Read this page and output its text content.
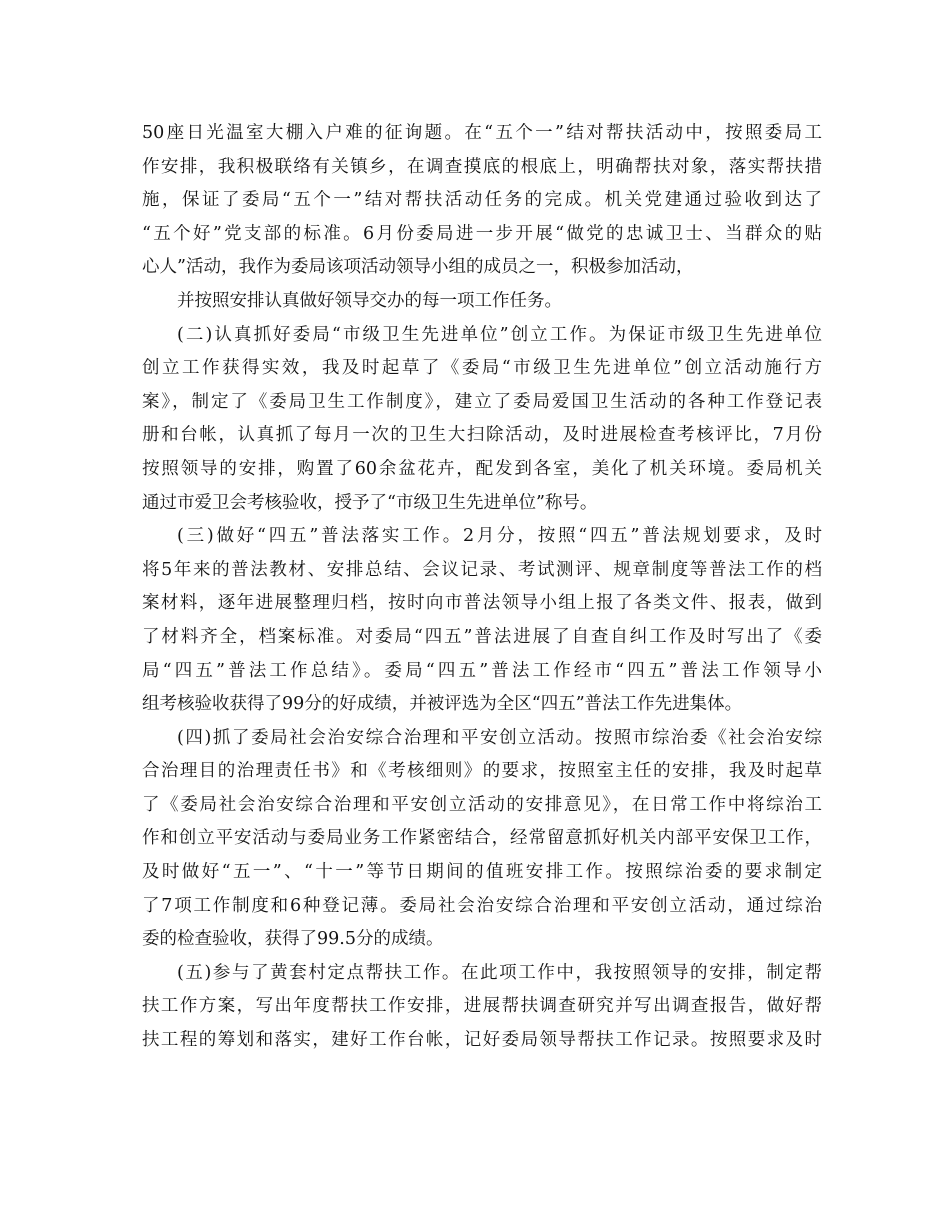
50座日光温室大棚入户难的征询题。在“五个一”结对帮扶活动中，按照委局工
作安排，我积极联络有关镇乡，在调查摸底的根底上，明确帮扶对象，落实帮扶措
施，保证了委局“五个一”结对帮扶活动任务的完成。机关党建通过验收到达了
“五个好”党支部的标准。6月份委局进一步开展“做党的忠诚卫士、当群众的贴
心人”活动，我作为委局该项活动领导小组的成员之一，积极参加活动，
并按照安排认真做好领导交办的每一项工作任务。
(二)认真抓好委局“市级卫生先进单位”创立工作。为保证市级卫生先进单位
创立工作获得实效，我及时起草了《委局“市级卫生先进单位”创立活动施行方
案》，制定了《委局卫生工作制度》，建立了委局爱国卫生活动的各种工作登记表
册和台帐，认真抓了每月一次的卫生大扫除活动，及时进展检查考核评比，7月份
按照领导的安排，购置了60余盆花卉，配发到各室，美化了机关环境。委局机关
通过市爱卫会考核验收，授予了“市级卫生先进单位”称号。
(三)做好“四五”普法落实工作。2月分，按照“四五”普法规划要求，及时
将5年来的普法教材、安排总结、会议记录、考试测评、规章制度等普法工作的档
案材料，逐年进展整理归档，按时向市普法领导小组上报了各类文件、报表，做到
了材料齐全，档案标准。对委局“四五”普法进展了自查自纠工作及时写出了《委
局“四五”普法工作总结》。委局“四五”普法工作经市“四五”普法工作领导小
组考核验收获得了99分的好成绩，并被评选为全区“四五”普法工作先进集体。
(四)抓了委局社会治安综合治理和平安创立活动。按照市综治委《社会治安综
合治理目的治理责任书》和《考核细则》的要求，按照室主任的安排，我及时起草
了《委局社会治安综合治理和平安创立活动的安排意见》，在日常工作中将综治工
作和创立平安活动与委局业务工作紧密结合，经常留意抓好机关内部平安保卫工作，
及时做好“五一”、“十一”等节日期间的值班安排工作。按照综治委的要求制定
了7项工作制度和6种登记薄。委局社会治安综合治理和平安创立活动，通过综治
委的检查验收，获得了99.5分的成绩。
(五)参与了黄套村定点帮扶工作。在此项工作中，我按照领导的安排，制定帮
扶工作方案，写出年度帮扶工作安排，进展帮扶调查研究并写出调查报告，做好帮
扶工程的筹划和落实，建好工作台帐，记好委局领导帮扶工作记录。按照要求及时
